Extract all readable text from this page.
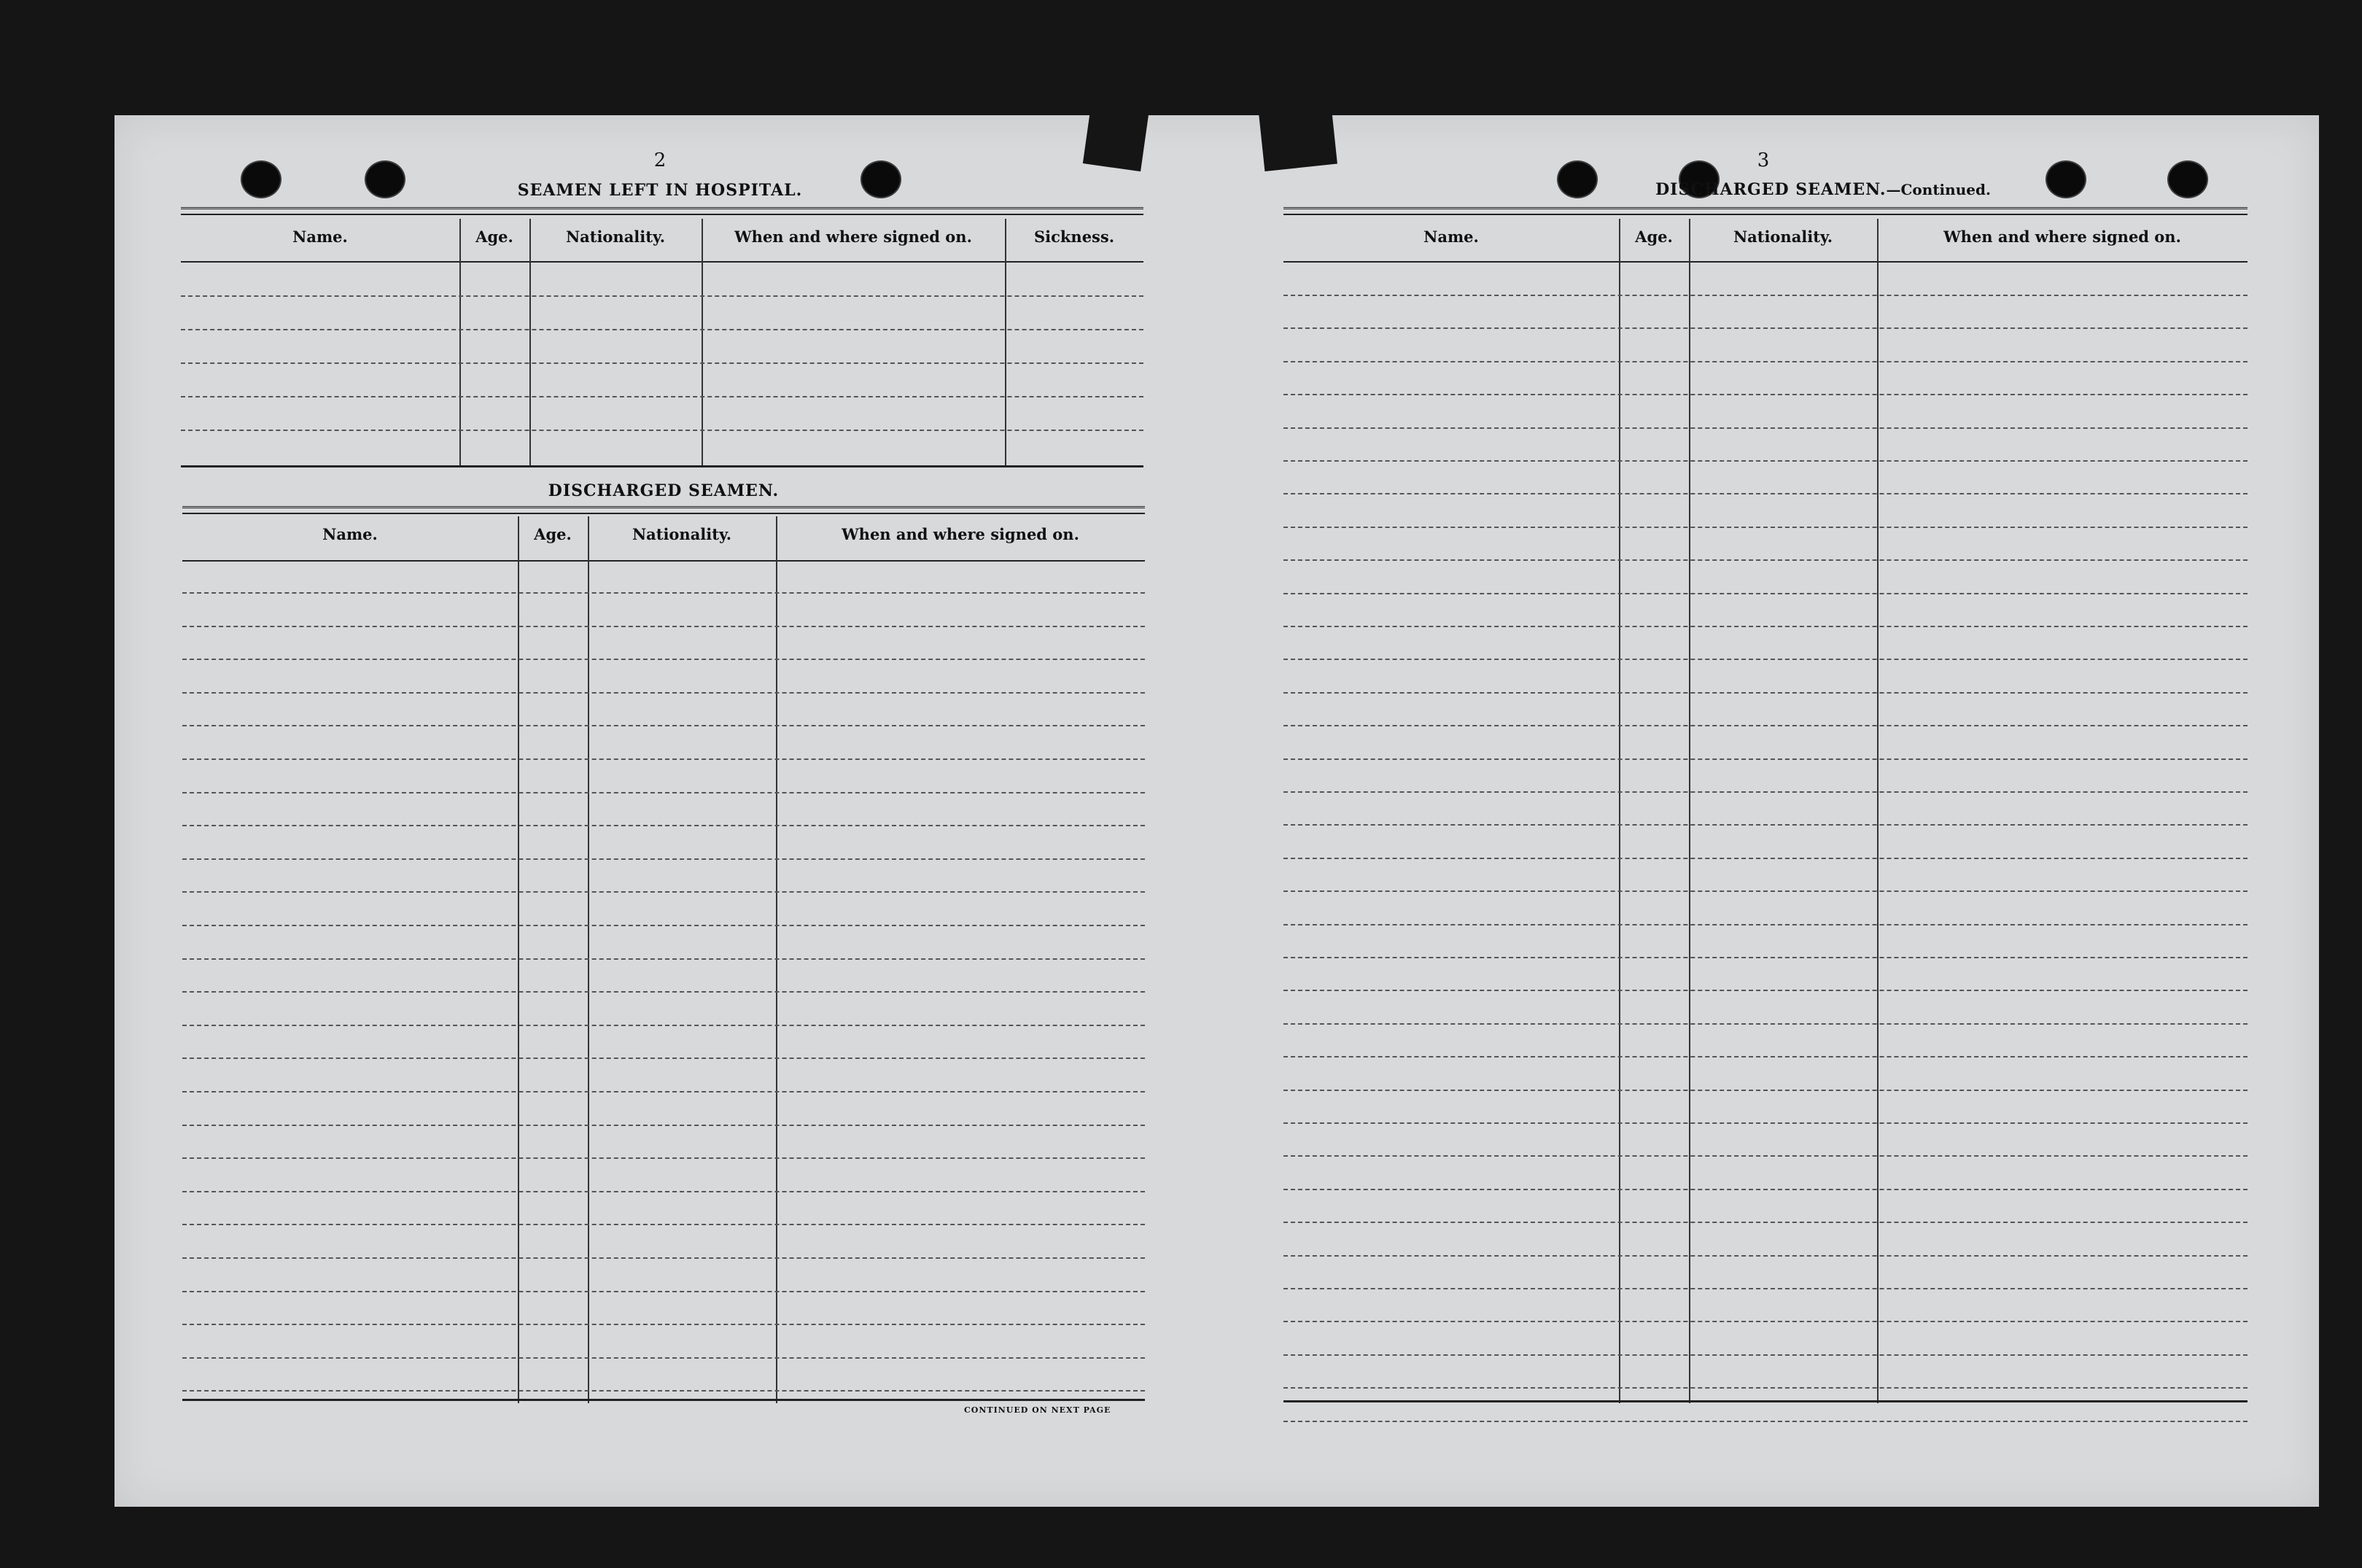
2
SEAMEN LEFT IN HOSPITAL.
Name.	Age.	Nationality.	When and where signed on.	Sickness.
DISCHARGED SEAMEN.
Name.	Age.	Nationality.	When and where signed on.
CONTINUED ON NEXT PAGE
3
DISCHARGED SEAMEN.—Continued.
Name.	Age.	Nationality.	When and where signed on.
